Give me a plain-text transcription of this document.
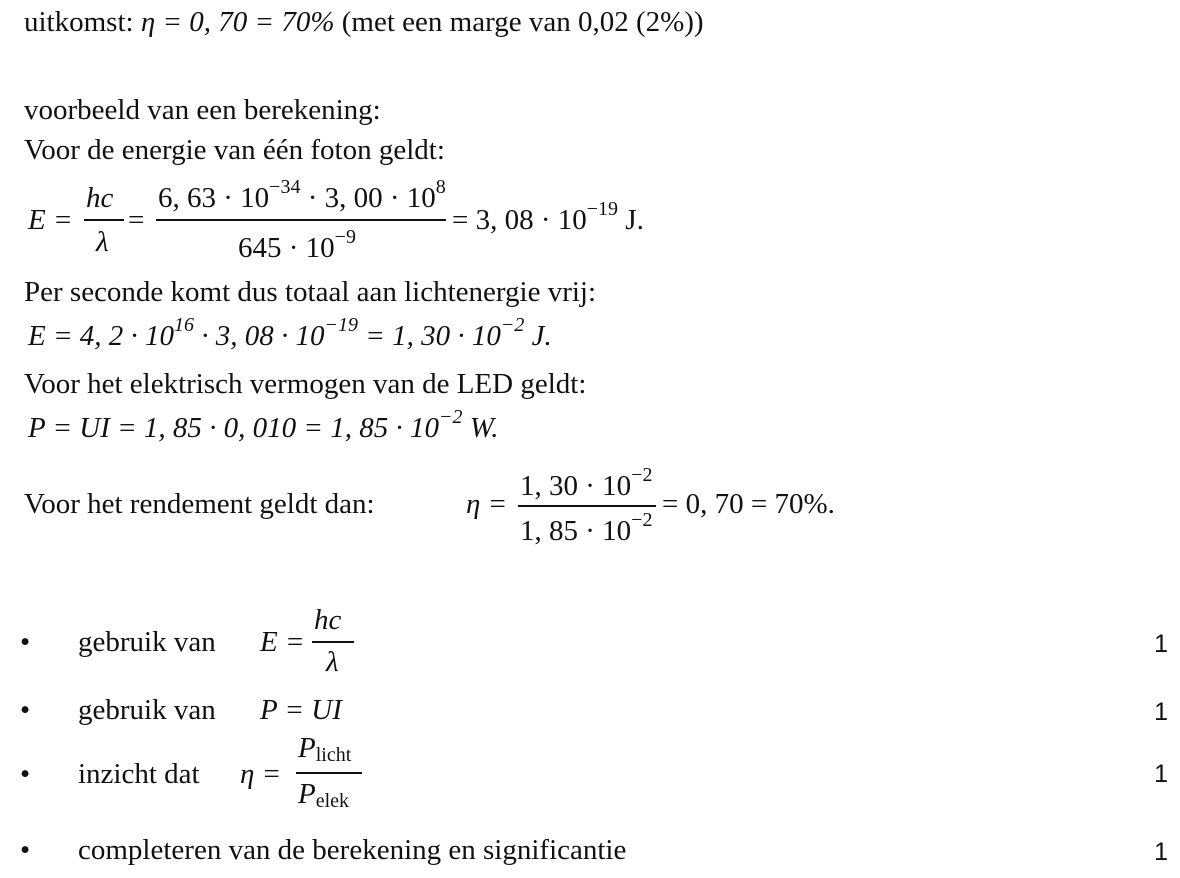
uitkomst: η = 0, 70 = 70% (met een marge van 0,02 (2%))
voorbeeld van een berekening:
Voor de energie van één foton geldt:
E =
hc
λ
=
6, $63 \cdot 10^{-34} \cdot 3$, $00 \cdot 10^8$
$645 \cdot 10^{-9}$
= 3, $08 \cdot 10^{-19}$ J.
Per seconde komt dus totaal aan lichtenergie vrij:
E = 4, $2 \cdot 10^{16} \cdot 3$, $08 \cdot 10^{-19} = 1$, $30 \cdot 10^{-2}$ J.
Voor het elektrisch vermogen van de LED geldt:
P = UI = 1, 85 · 0, 010 = 1, $85 \cdot 10^{-2}$ W.
Voor het rendement geldt dan:	η =
1, $30 \cdot 10^{-2}$
1, $85 \cdot 10^{-2}$
= 0, 70 = 70%.
• gebruik van E =
hc
λ
1
• gebruik van P = UI	1
• inzicht dat η =
$P_{licht}$
$P_{elek}$
1
• completeren van de berekening en significantie	1
